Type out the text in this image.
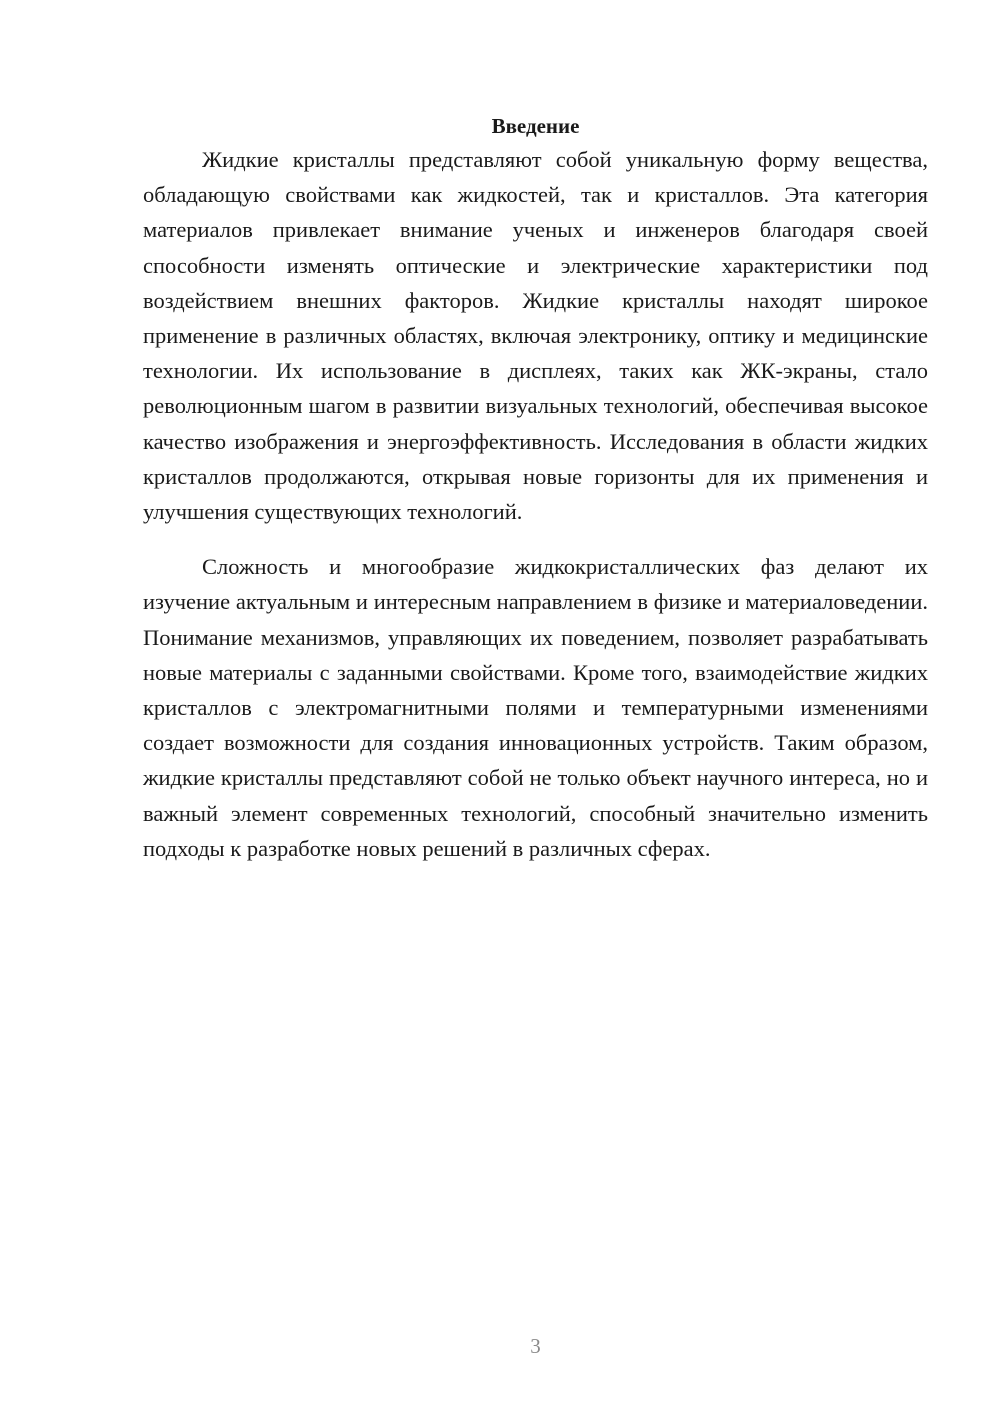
Введение

Жидкие кристаллы представляют собой уникальную форму вещества, обладающую свойствами как жидкостей, так и кристаллов. Эта категория материалов привлекает внимание ученых и инженеров благодаря своей способности изменять оптические и электрические характеристики под воздействием внешних факторов. Жидкие кристаллы находят широкое применение в различных областях, включая электронику, оптику и медицинские технологии. Их использование в дисплеях, таких как ЖК-экраны, стало революционным шагом в развитии визуальных технологий, обеспечивая высокое качество изображения и энергоэффективность. Исследования в области жидких кристаллов продолжаются, открывая новые горизонты для их применения и улучшения существующих технологий.

Сложность и многообразие жидкокристаллических фаз делают их изучение актуальным и интересным направлением в физике и материаловедении. Понимание механизмов, управляющих их поведением, позволяет разрабатывать новые материалы с заданными свойствами. Кроме того, взаимодействие жидких кристаллов с электромагнитными полями и температурными изменениями создает возможности для создания инновационных устройств. Таким образом, жидкие кристаллы представляют собой не только объект научного интереса, но и важный элемент современных технологий, способный значительно изменить подходы к разработке новых решений в различных сферах.

3
